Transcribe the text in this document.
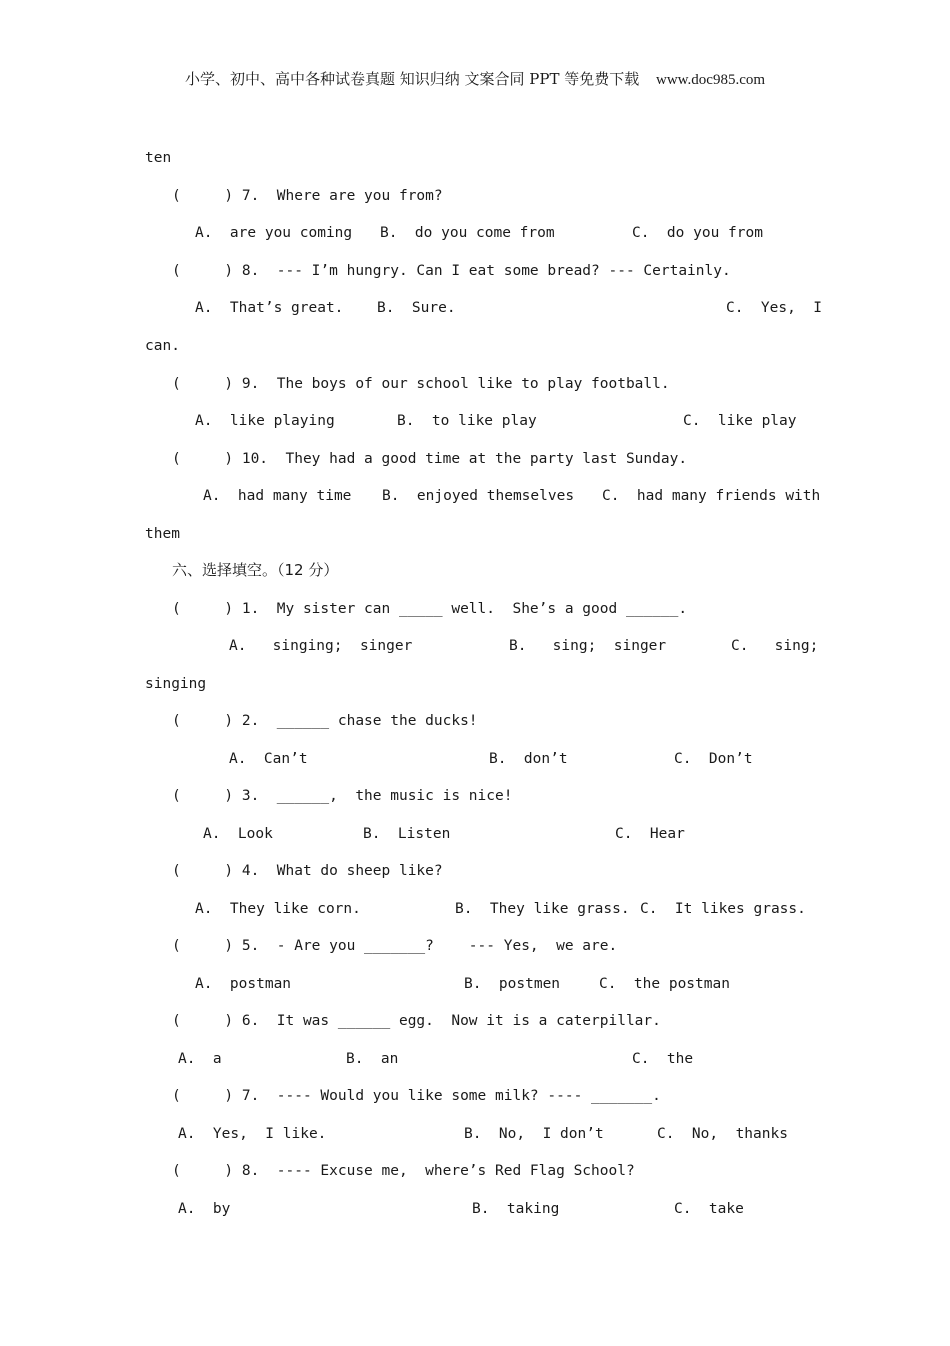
小学、初中、高中各种试卷真题 知识归纳 文案合同 PPT 等免费下载 www.doc985.com
ten
(     ) 7.  Where are you from?
A.  are you coming B.  do you come from	C.  do you from
(     ) 8.  --- I’m hungry. Can I eat some bread? --- Certainly.
A.  That’s great. B.  Sure.	C.  Yes,  I
can.
(     ) 9.  The boys of our school like to play football.
A.  like playing	B.  to like play	C.  like play
(     ) 10.  They had a good time at the party last Sunday.
A.  had many time B.  enjoyed themselves C.  had many friends with
them
六、选择填空。（12 分）
(     ) 1.  My sister can _____ well.  She’s a good ______.
A.   singing;  singer	B.   sing;  singer	C.   sing;
singing
(     ) 2.  ______ chase the ducks!
A.  Can’t	B.  don’t	C.  Don’t
(     ) 3.  ______,  the music is nice!
A.  Look	B.  Listen	C.  Hear
(     ) 4.  What do sheep like?
A.  They like corn.	B.  They like grass. C.  It likes grass.
(     ) 5.  - Are you _______?    --- Yes,  we are.
A.  postman	B.  postmen	C.  the postman
(     ) 6.  It was ______ egg.  Now it is a caterpillar.
A.  a	B.  an	C.  the
(     ) 7.  ---- Would you like some milk? ---- _______.
A.  Yes,  I like.	B.  No,  I don’t	C.  No,  thanks
(     ) 8.  ---- Excuse me,  where’s Red Flag School?
A.  by	B.  taking	C.  take
